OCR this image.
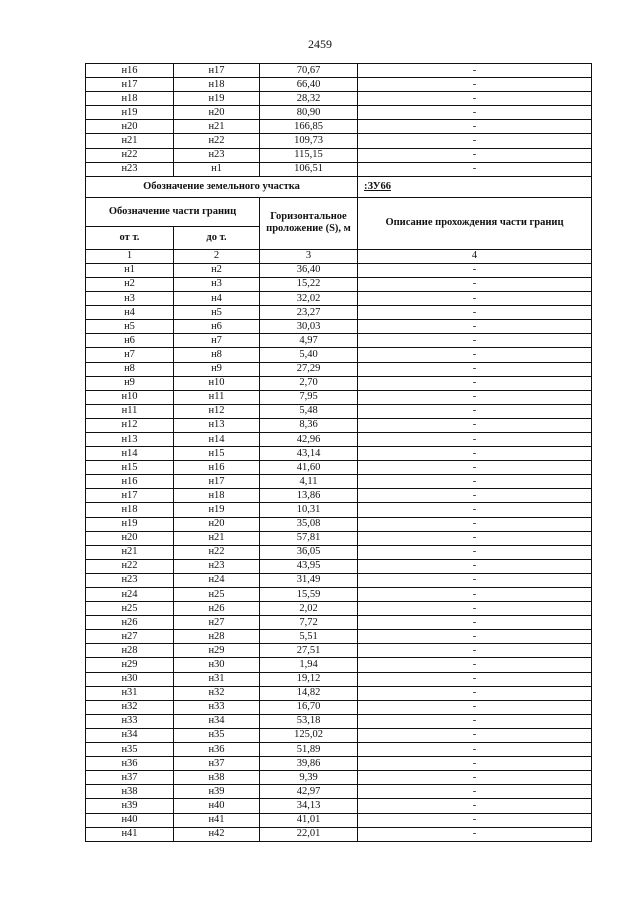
2459
н16	н17	70,67	-
н17	н18	66,40	-
н18	н19	28,32	-
н19	н20	80,90	-
н20	н21	166,85	-
н21	н22	109,73	-
н22	н23	115,15	-
н23	н1	106,51	-
Обозначение земельного участка			:ЗУ66
Обозначение части границ		Горизонтальное проложение (S), м	Описание прохождения части границ
от т.	до т.		
1	2	3	4
н1	н2	36,40	-
н2	н3	15,22	-
н3	н4	32,02	-
н4	н5	23,27	-
н5	н6	30,03	-
н6	н7	4,97	-
н7	н8	5,40	-
н8	н9	27,29	-
н9	н10	2,70	-
н10	н11	7,95	-
н11	н12	5,48	-
н12	н13	8,36	-
н13	н14	42,96	-
н14	н15	43,14	-
н15	н16	41,60	-
н16	н17	4,11	-
н17	н18	13,86	-
н18	н19	10,31	-
н19	н20	35,08	-
н20	н21	57,81	-
н21	н22	36,05	-
н22	н23	43,95	-
н23	н24	31,49	-
н24	н25	15,59	-
н25	н26	2,02	-
н26	н27	7,72	-
н27	н28	5,51	-
н28	н29	27,51	-
н29	н30	1,94	-
н30	н31	19,12	-
н31	н32	14,82	-
н32	н33	16,70	-
н33	н34	53,18	-
н34	н35	125,02	-
н35	н36	51,89	-
н36	н37	39,86	-
н37	н38	9,39	-
н38	н39	42,97	-
н39	н40	34,13	-
н40	н41	41,01	-
н41	н42	22,01	-
